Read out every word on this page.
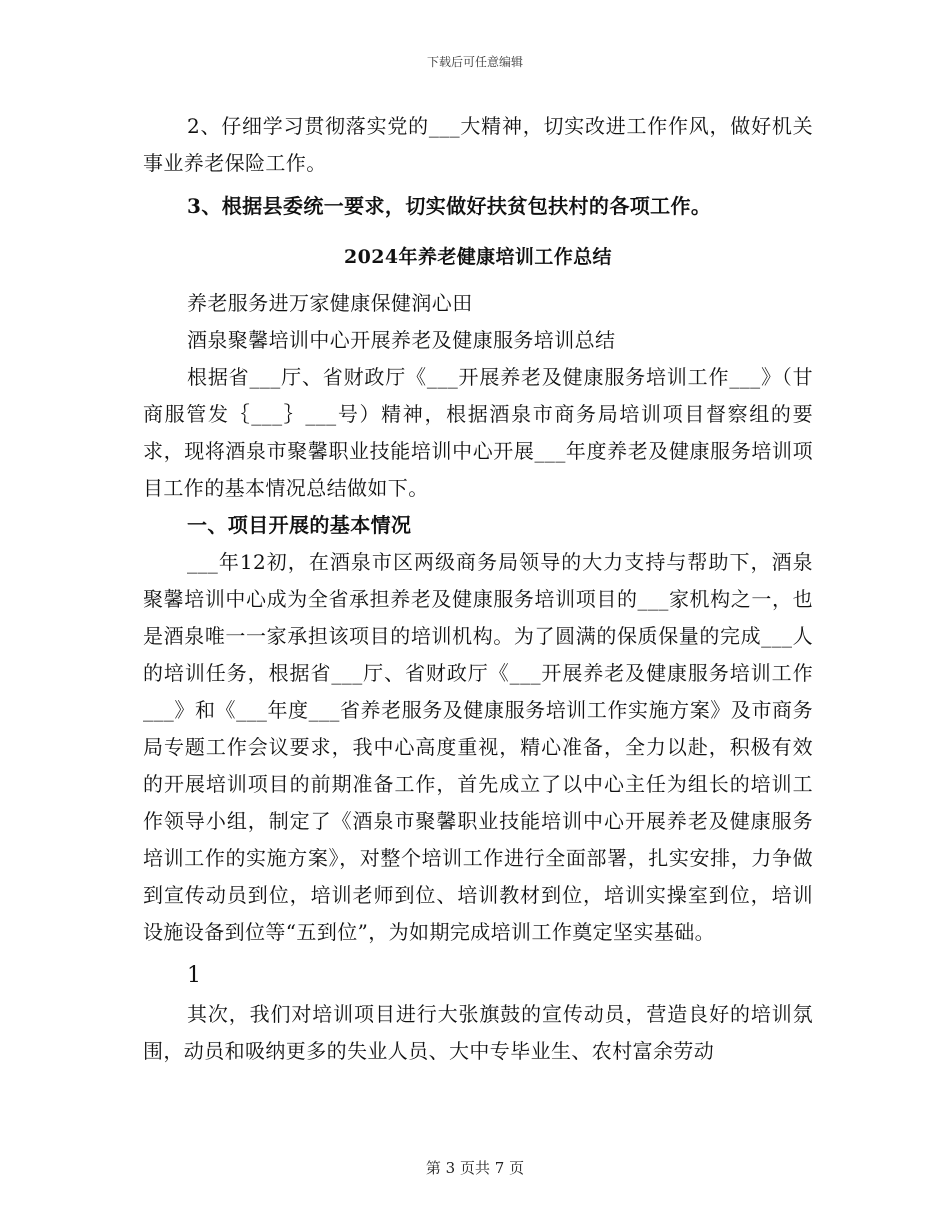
下载后可任意编辑

2、仔细学习贯彻落实党的___大精神，切实改进工作作风，做好机关事业养老保险工作。

3、根据县委统一要求，切实做好扶贫包扶村的各项工作。

2024年养老健康培训工作总结

养老服务进万家健康保健润心田

酒泉聚馨培训中心开展养老及健康服务培训总结

根据省___厅、省财政厅《___开展养老及健康服务培训工作___》（甘商服管发｛___｝___号）精神，根据酒泉市商务局培训项目督察组的要求，现将酒泉市聚馨职业技能培训中心开展___年度养老及健康服务培训项目工作的基本情况总结做如下。

一、项目开展的基本情况

___年12初，在酒泉市区两级商务局领导的大力支持与帮助下，酒泉聚馨培训中心成为全省承担养老及健康服务培训项目的___家机构之一，也是酒泉唯一一家承担该项目的培训机构。为了圆满的保质保量的完成___人的培训任务，根据省___厅、省财政厅《___开展养老及健康服务培训工作___》和《___年度___省养老服务及健康服务培训工作实施方案》及市商务局专题工作会议要求，我中心高度重视，精心准备，全力以赴，积极有效的开展培训项目的前期准备工作，首先成立了以中心主任为组长的培训工作领导小组，制定了《酒泉市聚馨职业技能培训中心开展养老及健康服务培训工作的实施方案》，对整个培训工作进行全面部署，扎实安排，力争做到宣传动员到位，培训老师到位、培训教材到位，培训实操室到位，培训设施设备到位等“五到位”，为如期完成培训工作奠定坚实基础。

1

其次，我们对培训项目进行大张旗鼓的宣传动员，营造良好的培训氛围，动员和吸纳更多的失业人员、大中专毕业生、农村富余劳动

第 3 页共 7 页
